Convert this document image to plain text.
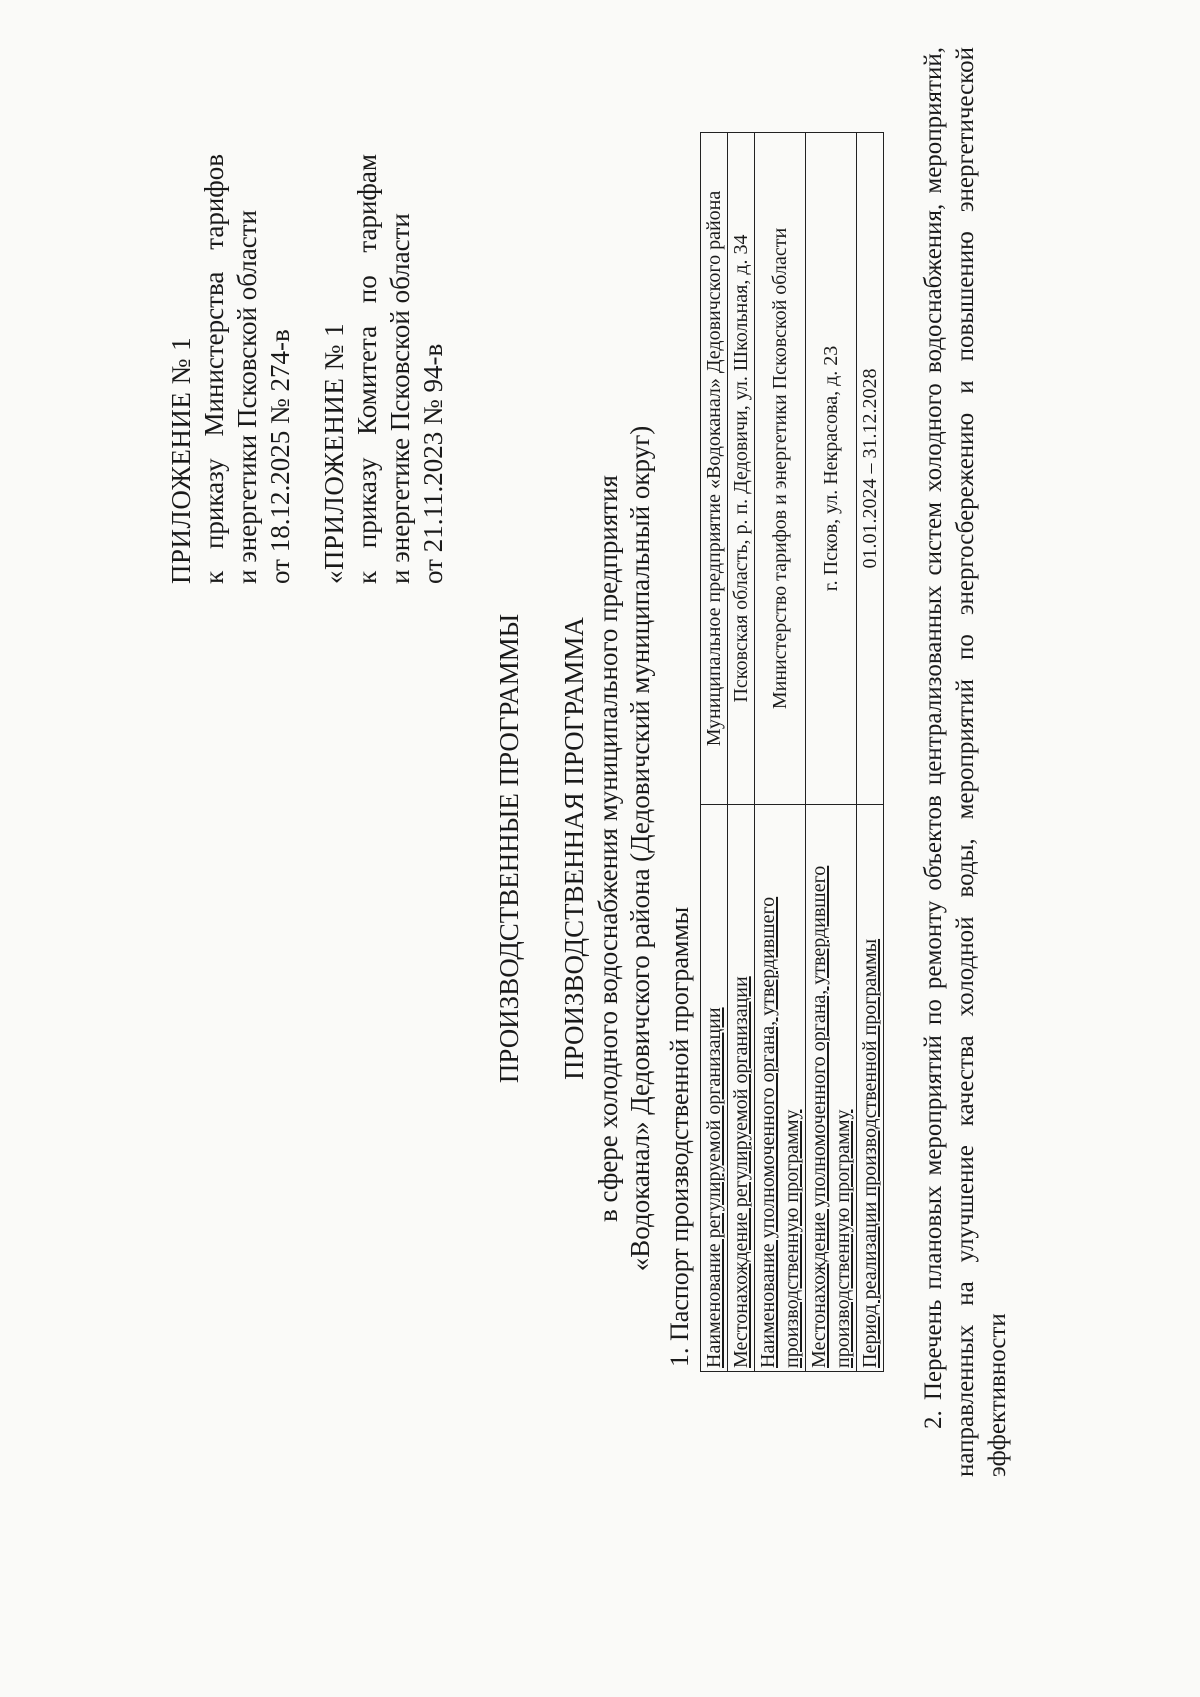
ПРИЛОЖЕНИЕ № 1 к приказу Министерства тарифов
и энергетики Псковской области от 18.12.2025 № 274-в «ПРИЛОЖЕНИЕ № 1 к приказу Комитета по тарифам
и энергетике Псковской области от 21.11.2023 № 94-в
ПРОИЗВОДСТВЕННЫЕ ПРОГРАММЫ ПРОИЗВОДСТВЕННАЯ ПРОГРАММА в сфере холодного водоснабжения муниципального предприятия «Водоканал» Дедовичского района (Дедовичский муниципальный округ) 1. Паспорт производственной программы Наименование регулируемой организации	Муниципальное предприятие «Водоканал» Дедовичского района
Местонахождение регулируемой организации	Псковская область, р. п. Дедовичи, ул. Школьная, д. 34
Наименование уполномоченного органа, утвердившего производственную программу	Министерство тарифов и энергетики Псковской области
Местонахождение уполномоченного органа, утвердившего производственную программу	г. Псков, ул. Некрасова, д. 23
Период реализации производственной программы	01.01.2024 – 31.12.2028 2. Перечень плановых мероприятий по ремонту объектов централизованных систем холодного водоснабжения, мероприятий, направленных на улучшение качества холодной воды, мероприятий по энергосбережению и повышению энергетической эффективности
